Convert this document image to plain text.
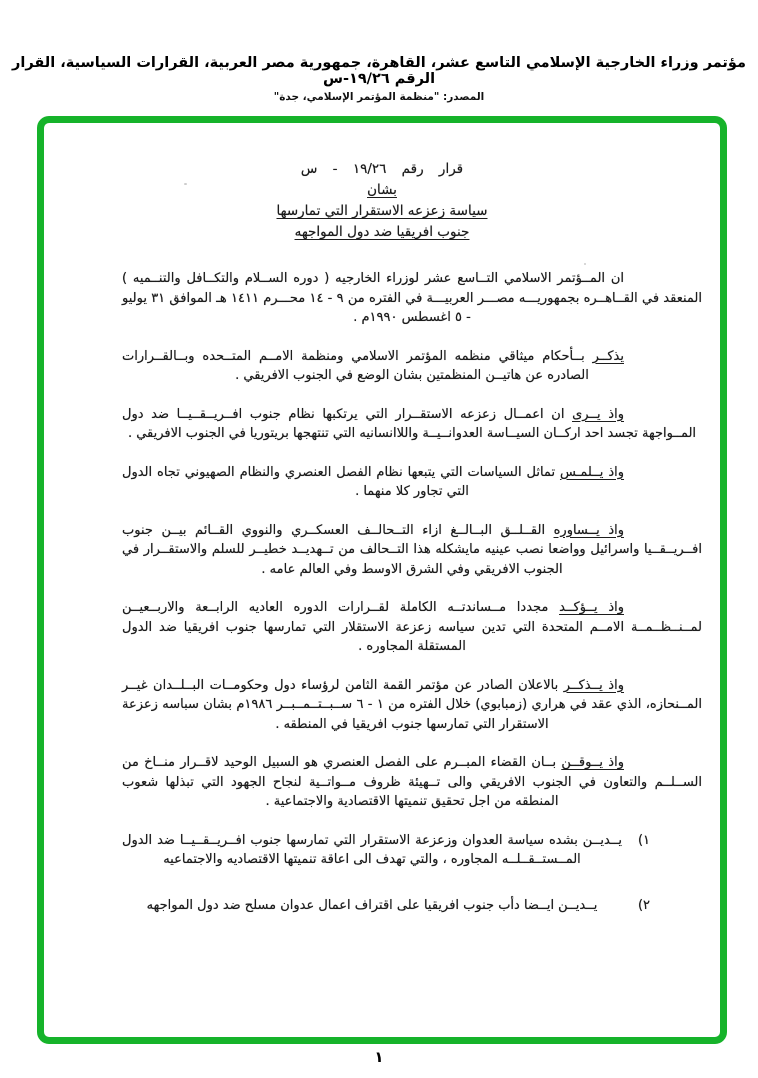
مؤتمر وزراء الخارجية الإسلامي التاسع عشر، القاهرة، جمهورية مصر العربية، القرارات السياسية، القرار الرقم ١٩/٢٦-س
المصدر: "منظمة المؤتمر الإسلامي، جدة"
قرار رقم ١٩/٢٦ - س
بشان
سياسة زعزعه الاستقرار التي تمارسها
جنوب افريقيا ضد دول المواجهه

ان المــؤتمر الاسلامي التــاسع عشر لوزراء الخارجيه ( دوره الســلام والتكــافل والتنــميه ) المنعقد في القــاهــره بجمهوريـــه مصـــر العربيـــة في الفتره من ٩ - ١٤ محـــرم ١٤١١ هـ الموافق ٣١ يوليو - ٥ اغسطس ١٩٩٠م .

يذكــر بــأحكام ميثاقي منظمه المؤتمر الاسلامي ومنظمة الامــم المتــحده وبــالقــرارات الصادره عن هاتيــن المنظمتين بشان الوضع في الجنوب الافريقي .

واذ يــرى ان اعمــال زعزعه الاستقــرار التي يرتكبها نظام جنوب افــريــقــيــا ضد دول المــواجهة تجسد احد اركــان السيــاسة العدوانــيــة واللاانسانيه التي تنتهجها بريتوريا في الجنوب الافريقي .

واذ يــلمـس تماثل السياسات التي يتبعها نظام الفصل العنصري والنظام الصهيوني تجاه الدول التي تجاور كلا منهما .

واذ يــساوره القــلــق البــالــغ ازاء التــحالــف العسكــري والنووي القــائم بيــن جنوب افــريــقــيا واسرائيل وواضعا نصب عينيه مايشكله هذا التــحالف من تــهديــد خطيــر للسلم والاستقــرار في الجنوب الافريقي وفي الشرق الاوسط وفي العالم عامه .

واذ يــؤكــد مجددا مــساندتــه الكاملة لقــرارات الدوره العاديه الرابــعة والاربــعيــن لمــنــظــمــة الامــم المتحدة التي تدين سياسه زعزعة الاستقلار التي تمارسها جنوب افريقيا ضد الدول المستقلة المجاوره .

واذ يــذكــر بالاعلان الصادر عن مؤتمر القمة الثامن لرؤساء دول وحكومــات البــلــدان غيــر المــنحازه، الذي عقد في هراري (زمبابوي) خلال الفتره من ١ - ٦ ســبــتــمــبــر ١٩٨٦م بشان سباسه زعزعة الاستقرار التي تمارسها جنوب افريقيا في المنطقه .

واذ يــوقــن بــان القضاء المبــرم على الفصل العنصري هو السبيل الوحيد لاقــرار منــاخ من الســلــم والتعاون في الجنوب الافريقي والى تــهيئة ظروف مــواتــية لنجاح الجهود التي تبذلها شعوب المنطقه من اجل تحقيق تنميتها الاقتصادية والاجتماعية .

١)
يــديــن بشده سياسة العدوان وزعزعة الاستقرار التي تمارسها جنوب افــريــقــيــا ضد الدول المــستــقــلــه المجاوره ، والتي تهدف الى اعاقة تنميتها الاقتصاديه والاجتماعيه
٢)
يــديــن ايــضا دأب جنوب افريقيا على اقتراف اعمال عدوان مسلح ضد دول المواجهه
١
